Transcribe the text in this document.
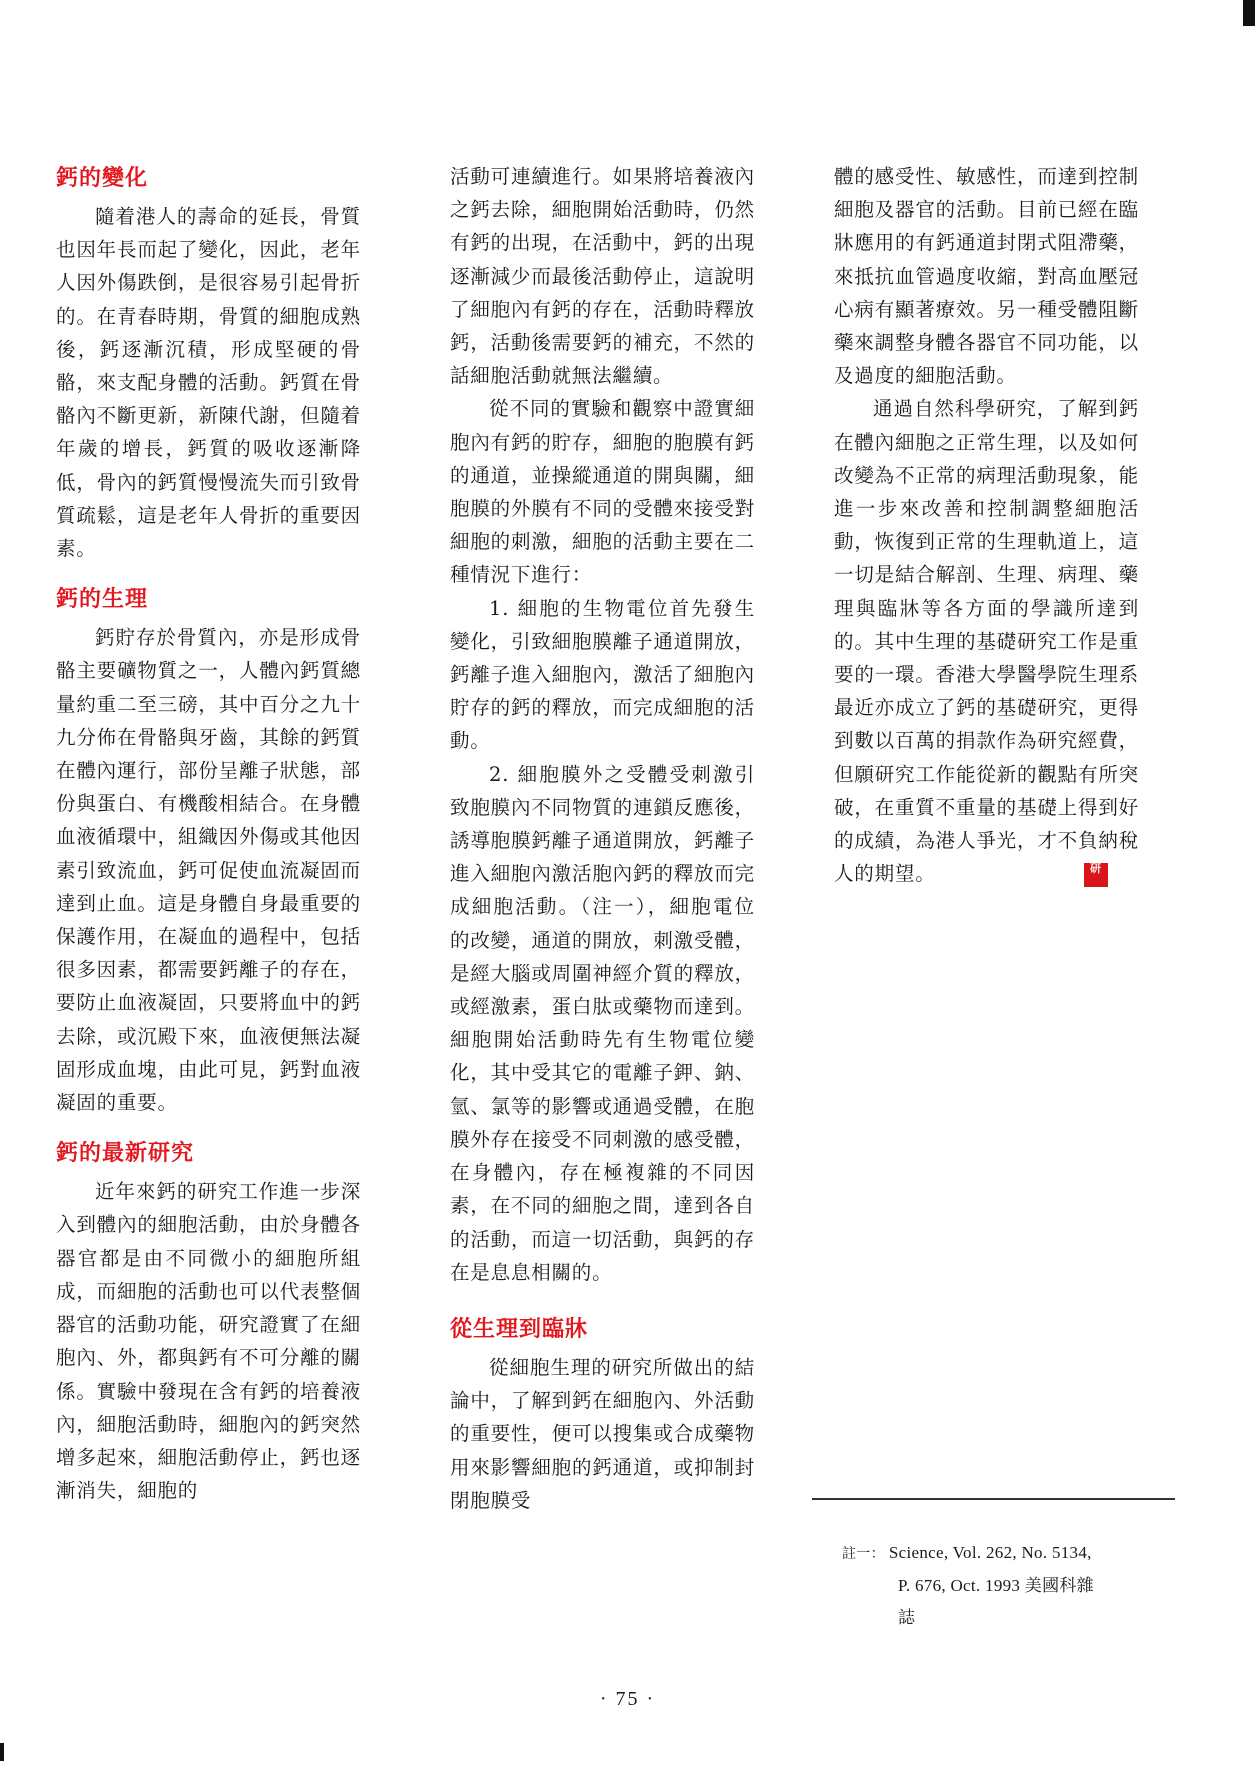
鈣的變化

隨着港人的壽命的延長，骨質也因年長而起了變化，因此，老年人因外傷跌倒，是很容易引起骨折的。在青春時期，骨質的細胞成熟後，鈣逐漸沉積，形成堅硬的骨骼，來支配身體的活動。鈣質在骨骼內不斷更新，新陳代謝，但隨着年歲的增長，鈣質的吸收逐漸降低，骨內的鈣質慢慢流失而引致骨質疏鬆，這是老年人骨折的重要因素。

鈣的生理

鈣貯存於骨質內，亦是形成骨骼主要礦物質之一，人體內鈣質總量約重二至三磅，其中百分之九十九分佈在骨骼與牙齒，其餘的鈣質在體內運行，部份呈離子狀態，部份與蛋白、有機酸相結合。在身體血液循環中，組織因外傷或其他因素引致流血，鈣可促使血流凝固而達到止血。這是身體自身最重要的保護作用，在凝血的過程中，包括很多因素，都需要鈣離子的存在，要防止血液凝固，只要將血中的鈣去除，或沉殿下來，血液便無法凝固形成血塊，由此可見，鈣對血液凝固的重要。

鈣的最新研究

近年來鈣的研究工作進一步深入到體內的細胞活動，由於身體各器官都是由不同微小的細胞所組成，而細胞的活動也可以代表整個器官的活動功能，研究證實了在細胞內、外，都與鈣有不可分離的關係。實驗中發現在含有鈣的培養液內，細胞活動時，細胞內的鈣突然增多起來，細胞活動停止，鈣也逐漸消失，細胞的

活動可連續進行。如果將培養液內之鈣去除，細胞開始活動時，仍然有鈣的出現，在活動中，鈣的出現逐漸減少而最後活動停止，這說明了細胞內有鈣的存在，活動時釋放鈣，活動後需要鈣的補充，不然的話細胞活動就無法繼續。

從不同的實驗和觀察中證實細胞內有鈣的貯存，細胞的胞膜有鈣的通道，並操縱通道的開與關，細胞膜的外膜有不同的受體來接受對細胞的刺激，細胞的活動主要在二種情況下進行：

1. 細胞的生物電位首先發生變化，引致細胞膜離子通道開放，鈣離子進入細胞內，激活了細胞內貯存的鈣的釋放，而完成細胞的活動。

2. 細胞膜外之受體受刺激引致胞膜內不同物質的連鎖反應後，誘導胞膜鈣離子通道開放，鈣離子進入細胞內激活胞內鈣的釋放而完成細胞活動。（注一），細胞電位的改變，通道的開放，刺激受體，是經大腦或周圍神經介質的釋放，或經激素，蛋白肽或藥物而達到。細胞開始活動時先有生物電位變化，其中受其它的電離子鉀、鈉、氫、氯等的影響或通過受體，在胞膜外存在接受不同刺激的感受體，在身體內，存在極複雜的不同因素，在不同的細胞之間，達到各自的活動，而這一切活動，與鈣的存在是息息相關的。

從生理到臨牀

從細胞生理的研究所做出的結論中，了解到鈣在細胞內、外活動的重要性，便可以搜集或合成藥物用來影響細胞的鈣通道，或抑制封閉胞膜受

體的感受性、敏感性，而達到控制細胞及器官的活動。目前已經在臨牀應用的有鈣通道封閉式阻滯藥，來抵抗血管過度收縮，對高血壓冠心病有顯著療效。另一種受體阻斷藥來調整身體各器官不同功能，以及過度的細胞活動。

通過自然科學研究，了解到鈣在體內細胞之正常生理，以及如何改變為不正常的病理活動現象，能進一步來改善和控制調整細胞活動，恢復到正常的生理軌道上，這一切是結合解剖、生理、病理、藥理與臨牀等各方面的學識所達到的。其中生理的基礎研究工作是重要的一環。香港大學醫學院生理系最近亦成立了鈣的基礎研究，更得到數以百萬的捐款作為研究經費，但願研究工作能從新的觀點有所突破，在重質不重量的基礎上得到好的成績，為港人爭光，才不負納稅人的期望。	研

註一： Science, Vol. 262, No. 5134,
P. 676, Oct. 1993 美國科雜
誌
· 75 ·
